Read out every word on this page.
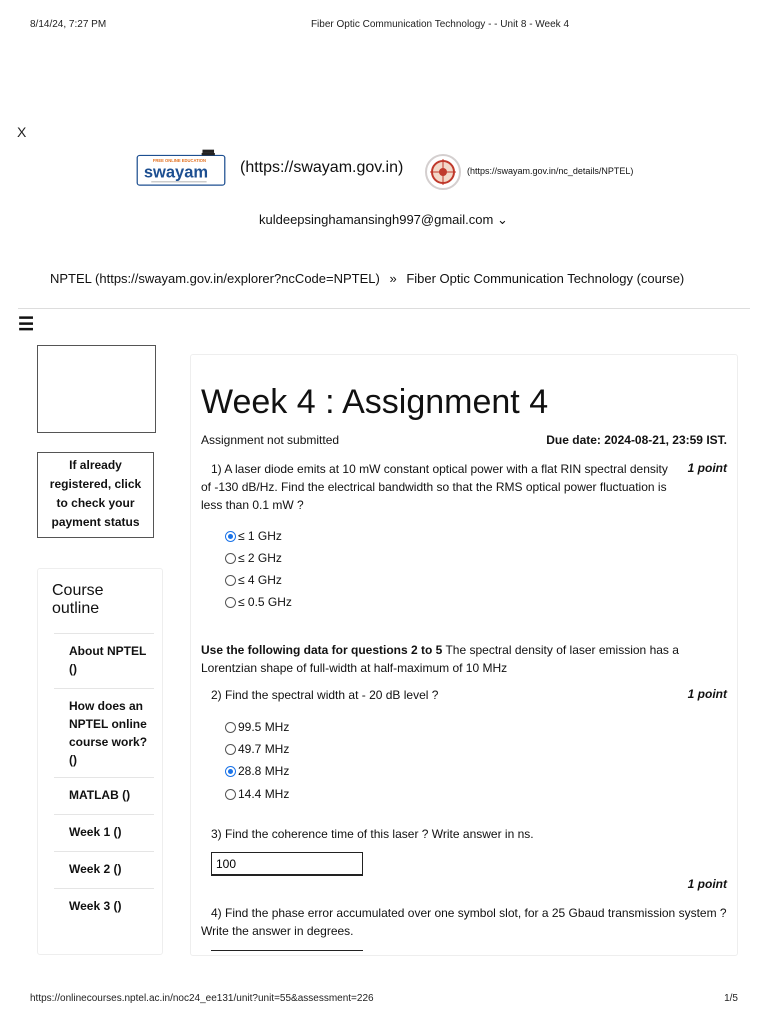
8/14/24, 7:27 PM	Fiber Optic Communication Technology - - Unit 8 - Week 4
X
FREE ONLINE EDUCATION
swayam (https://swayam.gov.in)	(https://swayam.gov.in/nc_details/NPTEL)
kuldeepsinghamansingh997@gmail.com ⌄
NPTEL (https://swayam.gov.in/explorer?ncCode=NPTEL) » Fiber Optic Communication Technology (course)
☰
If already registered, click to check your payment status
Course outline
About NPTEL ()
How does an NPTEL online course work? ()
MATLAB ()
Week 1 ()
Week 2 ()
Week 3 ()
Week 4 : Assignment 4
Assignment not submitted	Due date: 2024-08-21, 23:59 IST.
1) A laser diode emits at 10 mW constant optical power with a flat RIN spectral density of -130 dB/Hz. Find the electrical bandwidth so that the RMS optical power fluctuation is less than 0.1 mW ?
1 point
≤ 1 GHz
≤ 2 GHz
≤ 4 GHz
≤ 0.5 GHz
Use the following data for questions 2 to 5 The spectral density of laser emission has a Lorentzian shape of full-width at half-maximum of 10 MHz
2) Find the spectral width at - 20 dB level ?	1 point
99.5 MHz
49.7 MHz
28.8 MHz
14.4 MHz
3) Find the coherence time of this laser ? Write answer in ns.
100
1 point
4) Find the phase error accumulated over one symbol slot, for a 25 Gbaud transmission system ? Write the answer in degrees.
https://onlinecourses.nptel.ac.in/noc24_ee131/unit?unit=55&assessment=226	1/5
